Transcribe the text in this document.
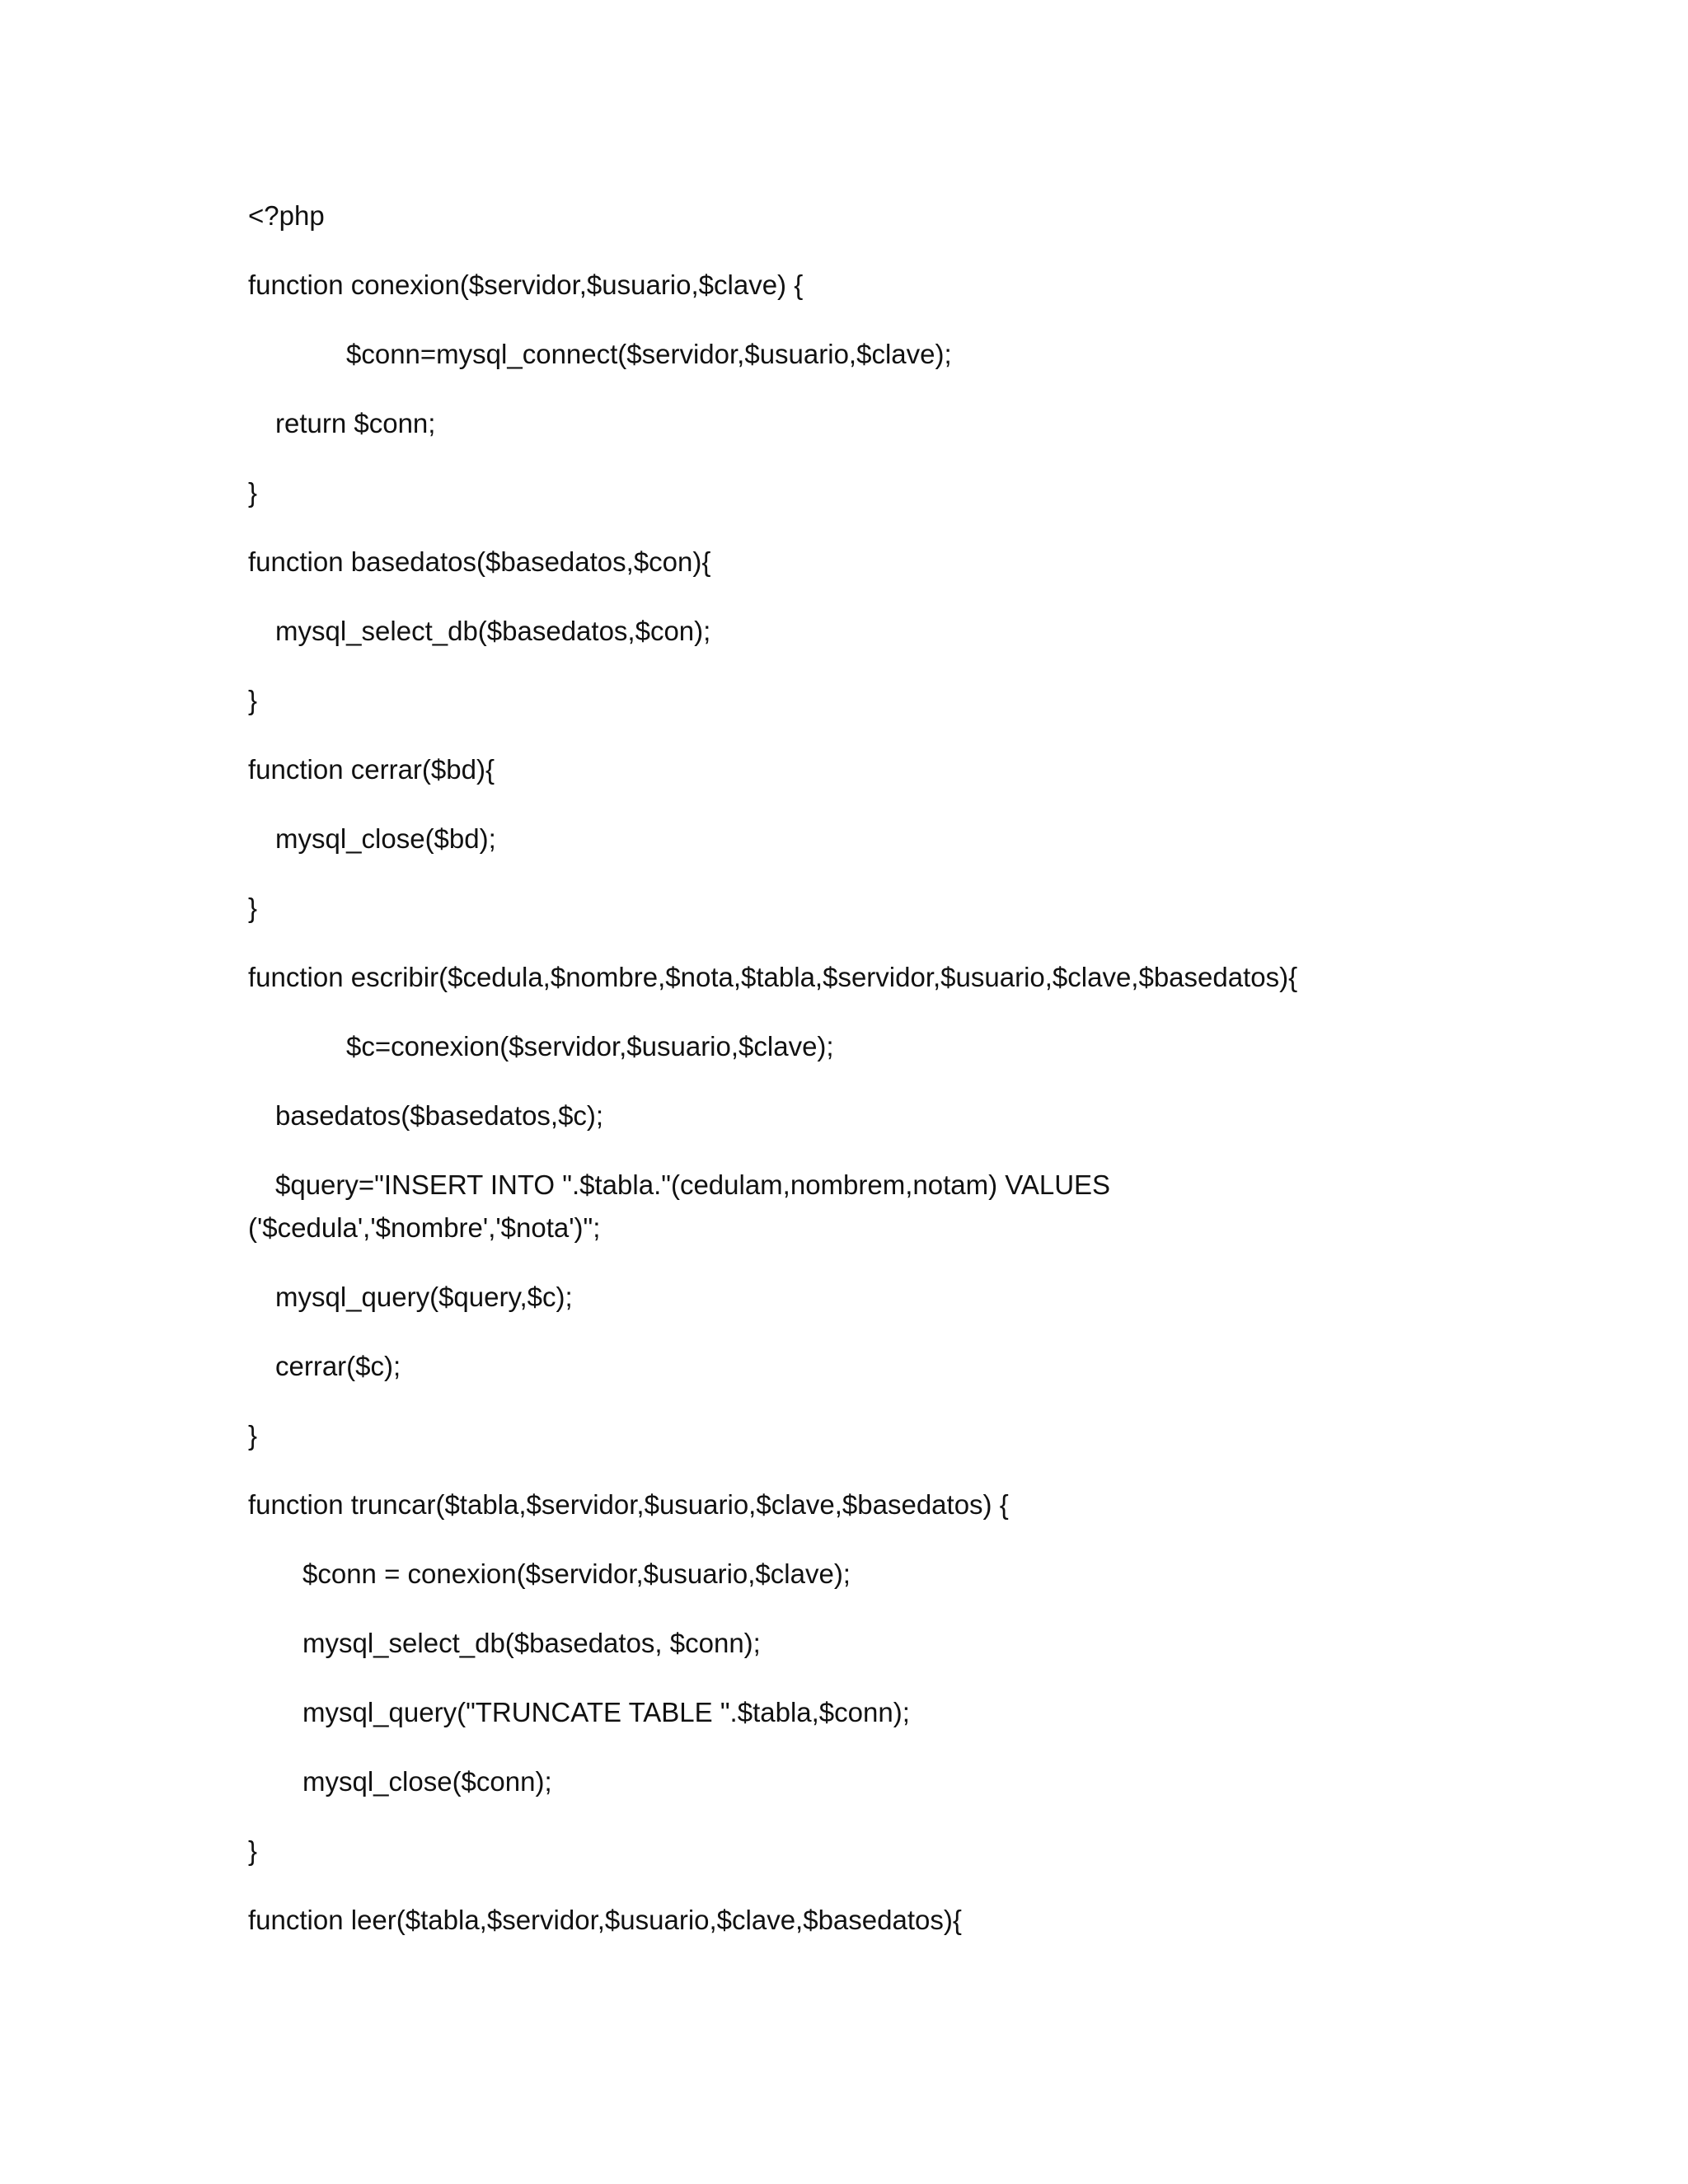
<?php

function conexion($servidor,$usuario,$clave) {

$conn=mysql_connect($servidor,$usuario,$clave);

return $conn;

}

function basedatos($basedatos,$con){

mysql_select_db($basedatos,$con);

}

function cerrar($bd){

mysql_close($bd);

}

function escribir($cedula,$nombre,$nota,$tabla,$servidor,$usuario,$clave,$basedatos){

$c=conexion($servidor,$usuario,$clave);

basedatos($basedatos,$c);

$query="INSERT INTO ".$tabla."(cedulam,nombrem,notam) VALUES

('$cedula','$nombre','$nota')";

mysql_query($query,$c);

cerrar($c);

}

function truncar($tabla,$servidor,$usuario,$clave,$basedatos) {

$conn = conexion($servidor,$usuario,$clave);

mysql_select_db($basedatos, $conn);

mysql_query("TRUNCATE TABLE ".$tabla,$conn);

mysql_close($conn);

}

function leer($tabla,$servidor,$usuario,$clave,$basedatos){
